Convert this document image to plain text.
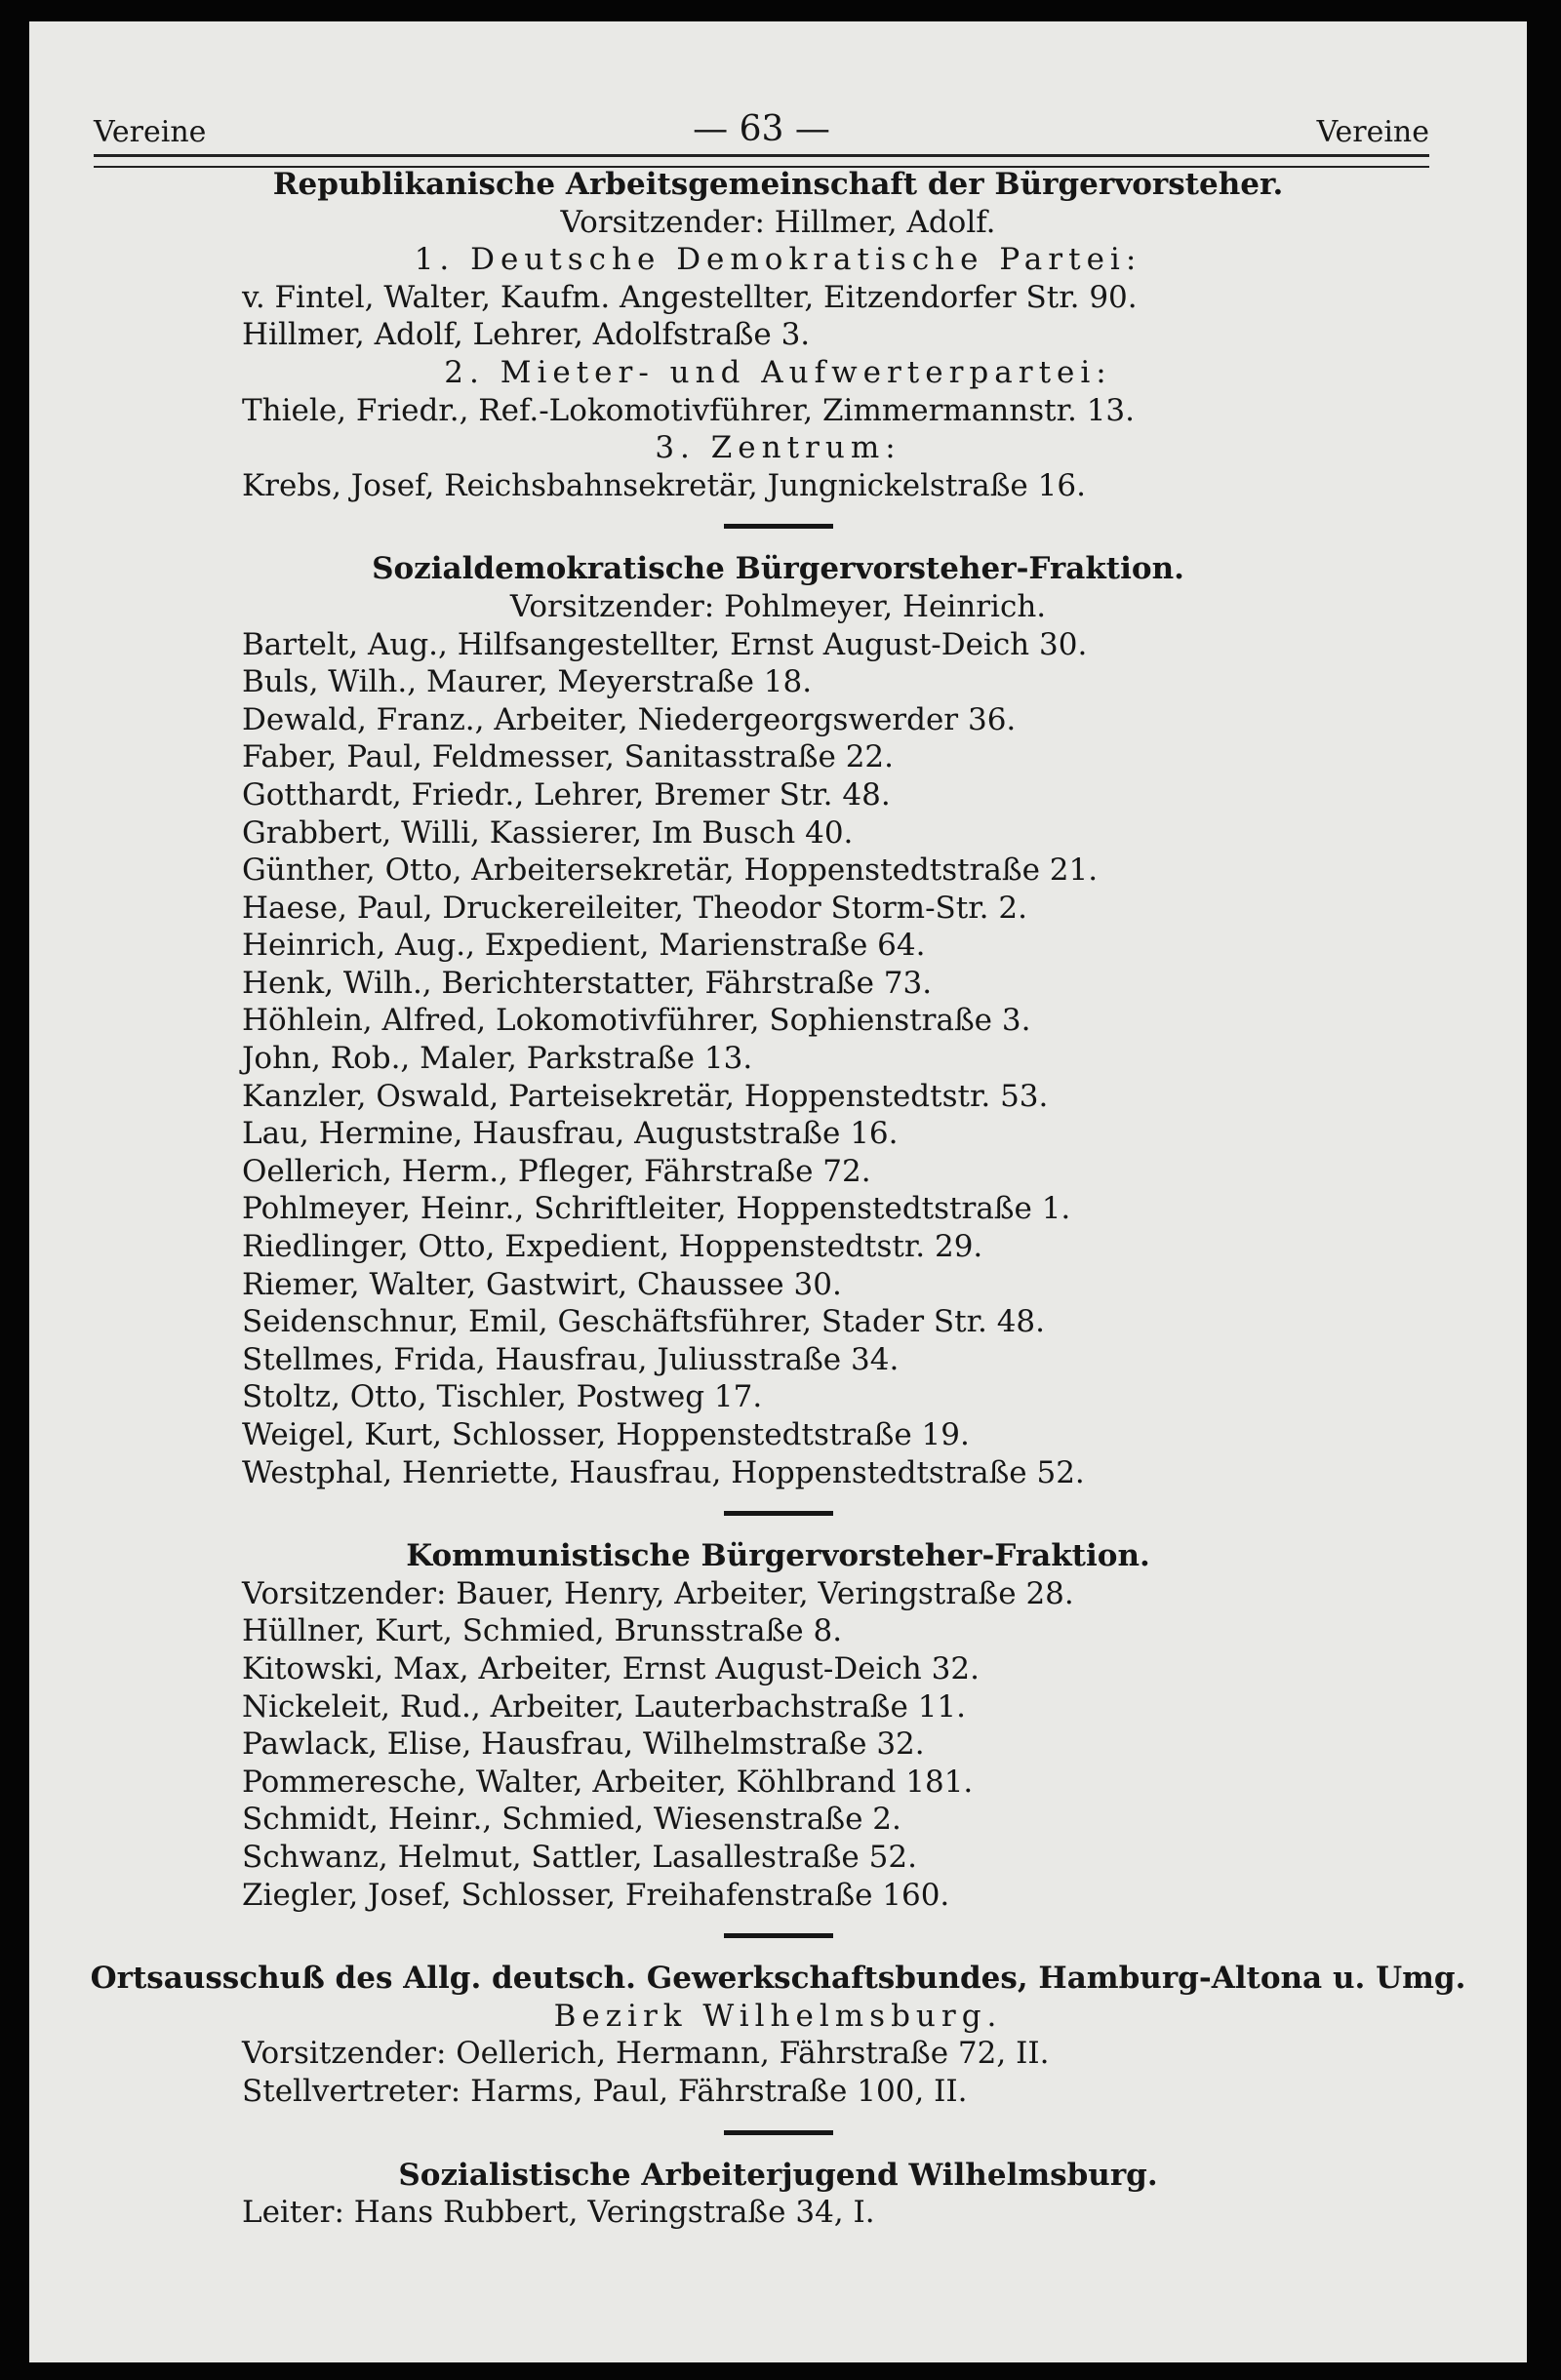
Vereine	— 63 —	Vereine
Republikanische Arbeitsgemeinschaft der Bürgervorsteher.
Vorsitzender: Hillmer, Adolf.
1. Deutsche Demokratische Partei:
v. Fintel, Walter, Kaufm. Angestellter, Eitzendorfer Str. 90.
Hillmer, Adolf, Lehrer, Adolfstraße 3.
2. Mieter- und Aufwerterpartei:
Thiele, Friedr., Ref.-Lokomotivführer, Zimmermannstr. 13.
3. Zentrum:
Krebs, Josef, Reichsbahnsekretär, Jungnickelstraße 16.
Sozialdemokratische Bürgervorsteher-Fraktion.
Vorsitzender: Pohlmeyer, Heinrich.
Bartelt, Aug., Hilfsangestellter, Ernst August-Deich 30.
Buls, Wilh., Maurer, Meyerstraße 18.
Dewald, Franz., Arbeiter, Niedergeorgswerder 36.
Faber, Paul, Feldmesser, Sanitasstraße 22.
Gotthardt, Friedr., Lehrer, Bremer Str. 48.
Grabbert, Willi, Kassierer, Im Busch 40.
Günther, Otto, Arbeitersekretär, Hoppenstedtstraße 21.
Haese, Paul, Druckereileiter, Theodor Storm-Str. 2.
Heinrich, Aug., Expedient, Marienstraße 64.
Henk, Wilh., Berichterstatter, Fährstraße 73.
Höhlein, Alfred, Lokomotivführer, Sophienstraße 3.
John, Rob., Maler, Parkstraße 13.
Kanzler, Oswald, Parteisekretär, Hoppenstedtstr. 53.
Lau, Hermine, Hausfrau, Auguststraße 16.
Oellerich, Herm., Pfleger, Fährstraße 72.
Pohlmeyer, Heinr., Schriftleiter, Hoppenstedtstraße 1.
Riedlinger, Otto, Expedient, Hoppenstedtstr. 29.
Riemer, Walter, Gastwirt, Chaussee 30.
Seidenschnur, Emil, Geschäftsführer, Stader Str. 48.
Stellmes, Frida, Hausfrau, Juliusstraße 34.
Stoltz, Otto, Tischler, Postweg 17.
Weigel, Kurt, Schlosser, Hoppenstedtstraße 19.
Westphal, Henriette, Hausfrau, Hoppenstedtstraße 52.
Kommunistische Bürgervorsteher-Fraktion.
Vorsitzender: Bauer, Henry, Arbeiter, Veringstraße 28.
Hüllner, Kurt, Schmied, Brunsstraße 8.
Kitowski, Max, Arbeiter, Ernst August-Deich 32.
Nickeleit, Rud., Arbeiter, Lauterbachstraße 11.
Pawlack, Elise, Hausfrau, Wilhelmstraße 32.
Pommeresche, Walter, Arbeiter, Köhlbrand 181.
Schmidt, Heinr., Schmied, Wiesenstraße 2.
Schwanz, Helmut, Sattler, Lasallestraße 52.
Ziegler, Josef, Schlosser, Freihafenstraße 160.
Ortsausschuß des Allg. deutsch. Gewerkschaftsbundes, Hamburg-Altona u. Umg.
Bezirk Wilhelmsburg.
Vorsitzender: Oellerich, Hermann, Fährstraße 72, II.
Stellvertreter: Harms, Paul, Fährstraße 100, II.
Sozialistische Arbeiterjugend Wilhelmsburg.
Leiter: Hans Rubbert, Veringstraße 34, I.
